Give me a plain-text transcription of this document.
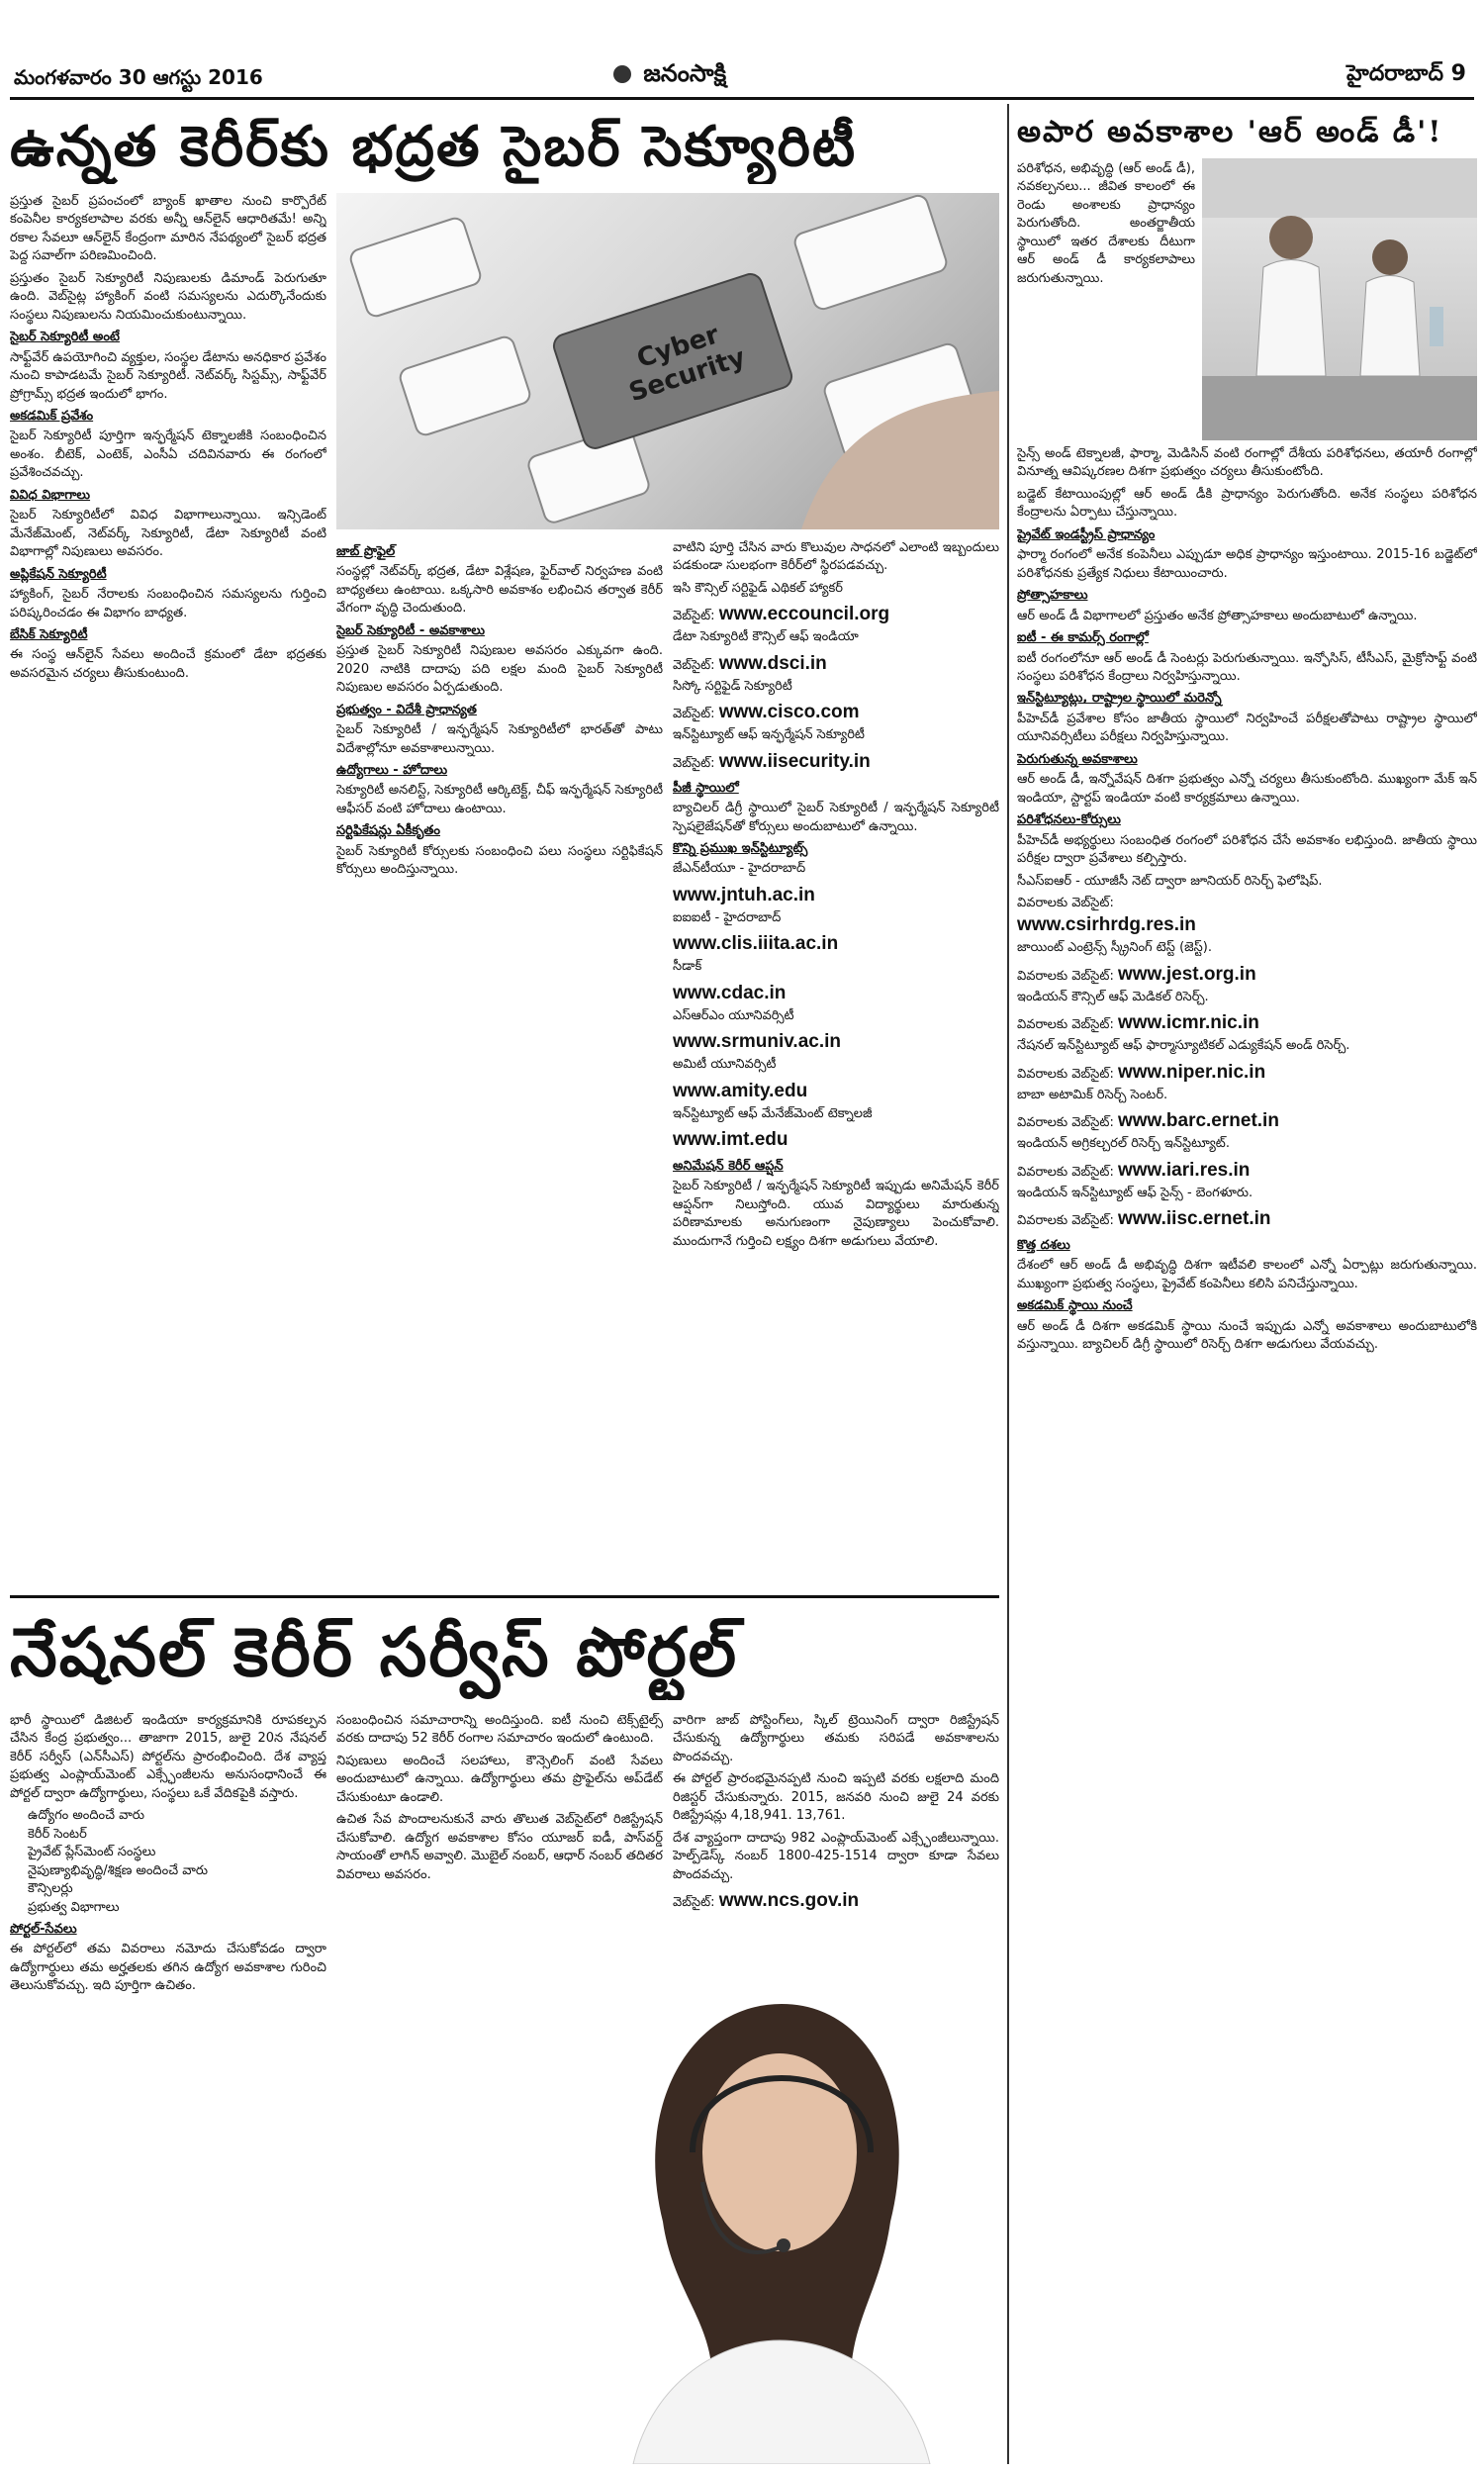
మంగళవారం 30 ఆగస్టు 2016	జనంసాక్షి	హైదరాబాద్ 9
ఉన్నత కెరీర్‌కు భద్రత సైబర్ సెక్యూరిటీ

ప్రస్తుత సైబర్ ప్రపంచంలో బ్యాంక్ ఖాతాల నుంచి కార్పొరేట్ కంపెనీల కార్యకలాపాల వరకు అన్నీ ఆన్‌లైన్ ఆధారితమే! అన్ని రకాల సేవలూ ఆన్‌లైన్ కేంద్రంగా మారిన నేపథ్యంలో సైబర్ భద్రత పెద్ద సవాల్‌గా పరిణమించింది.

ప్రస్తుతం సైబర్ సెక్యూరిటీ నిపుణులకు డిమాండ్ పెరుగుతూ ఉంది. వెబ్‌సైట్ల హ్యాకింగ్ వంటి సమస్యలను ఎదుర్కొనేందుకు సంస్థలు నిపుణులను నియమించుకుంటున్నాయి.

సైబర్ సెక్యూరిటీ అంటే

సాఫ్ట్‌వేర్ ఉపయోగించి వ్యక్తుల, సంస్థల డేటాను అనధికార ప్రవేశం నుంచి కాపాడటమే సైబర్ సెక్యూరిటీ. నెట్‌వర్క్ సిస్టమ్స్, సాఫ్ట్‌వేర్ ప్రోగ్రామ్స్ భద్రత ఇందులో భాగం.

అకడమిక్ ప్రవేశం

సైబర్ సెక్యూరిటీ పూర్తిగా ఇన్ఫర్మేషన్ టెక్నాలజీకి సంబంధించిన అంశం. బీటెక్, ఎంటెక్, ఎంసీఏ చదివినవారు ఈ రంగంలో ప్రవేశించవచ్చు.

వివిధ విభాగాలు

సైబర్ సెక్యూరిటీలో వివిధ విభాగాలున్నాయి. ఇన్సిడెంట్ మేనేజ్‌మెంట్, నెట్‌వర్క్ సెక్యూరిటీ, డేటా సెక్యూరిటీ వంటి విభాగాల్లో నిపుణులు అవసరం.

అప్లికేషన్ సెక్యూరిటీ

హ్యాకింగ్, సైబర్ నేరాలకు సంబంధించిన సమస్యలను గుర్తించి పరిష్కరించడం ఈ విభాగం బాధ్యత.

బేసిక్ సెక్యూరిటీ

ఈ సంస్థ ఆన్‌లైన్ సేవలు అందించే క్రమంలో డేటా భద్రతకు అవసరమైన చర్యలు తీసుకుంటుంది.

Cyber Security
జాబ్ ప్రొఫైల్

సంస్థల్లో నెట్‌వర్క్ భద్రత, డేటా విశ్లేషణ, ఫైర్‌వాల్ నిర్వహణ వంటి బాధ్యతలు ఉంటాయి. ఒక్కసారి అవకాశం లభించిన తర్వాత కెరీర్ వేగంగా వృద్ధి చెందుతుంది.

సైబర్ సెక్యూరిటీ - అవకాశాలు

ప్రస్తుత సైబర్ సెక్యూరిటీ నిపుణుల అవసరం ఎక్కువగా ఉంది. 2020 నాటికి దాదాపు పది లక్షల మంది సైబర్ సెక్యూరిటీ నిపుణుల అవసరం ఏర్పడుతుంది.

ప్రభుత్వం - విదేశీ ప్రాధాన్యత

సైబర్ సెక్యూరిటీ / ఇన్ఫర్మేషన్ సెక్యూరిటీలో భారత్‌తో పాటు విదేశాల్లోనూ అవకాశాలున్నాయి.

ఉద్యోగాలు - హోదాలు

సెక్యూరిటీ అనలిస్ట్, సెక్యూరిటీ ఆర్కిటెక్ట్, చీఫ్ ఇన్ఫర్మేషన్ సెక్యూరిటీ ఆఫీసర్ వంటి హోదాలు ఉంటాయి.

సర్టిఫికేషన్లు ఏకీకృతం

సైబర్ సెక్యూరిటీ కోర్సులకు సంబంధించి పలు సంస్థలు సర్టిఫికేషన్ కోర్సులు అందిస్తున్నాయి.

వాటిని పూర్తి చేసిన వారు కొలువుల సాధనలో ఎలాంటి ఇబ్బందులు పడకుండా సులభంగా కెరీర్‌లో స్థిరపడవచ్చు.

ఇసి కౌన్సిల్ సర్టిఫైడ్ ఎథికల్ హ్యాకర్

వెబ్‌సైట్: www.eccouncil.org

డేటా సెక్యూరిటీ కౌన్సిల్ ఆఫ్ ఇండియా

వెబ్‌సైట్: www.dsci.in

సిస్కో సర్టిఫైడ్ సెక్యూరిటీ

వెబ్‌సైట్: www.cisco.com

ఇన్‌స్టిట్యూట్ ఆఫ్ ఇన్ఫర్మేషన్ సెక్యూరిటీ

వెబ్‌సైట్: www.iisecurity.in
పీజీ స్థాయిలో

బ్యాచిలర్ డిగ్రీ స్థాయిలో సైబర్ సెక్యూరిటీ / ఇన్ఫర్మేషన్ సెక్యూరిటీ స్పెషలైజేషన్‌తో కోర్సులు అందుబాటులో ఉన్నాయి.

కొన్ని ప్రముఖ ఇన్‌స్టిట్యూట్స్

జేఎన్‌టీయూ - హైదరాబాద్

www.jntuh.ac.in

ఐఐఐటీ - హైదరాబాద్

www.clis.iiita.ac.in

సీడాక్

www.cdac.in

ఎస్‌ఆర్‌ఎం యూనివర్సిటీ

www.srmuniv.ac.in

అమిటీ యూనివర్సిటీ

www.amity.edu

ఇన్‌స్టిట్యూట్ ఆఫ్ మేనేజ్‌మెంట్ టెక్నాలజీ

www.imt.edu
అనిమేషన్ కెరీర్ ఆప్షన్

సైబర్ సెక్యూరిటీ / ఇన్ఫర్మేషన్ సెక్యూరిటీ ఇప్పుడు అనిమేషన్ కెరీర్ ఆప్షన్‌గా నిలుస్తోంది. యువ విద్యార్థులు మారుతున్న పరిణామాలకు అనుగుణంగా నైపుణ్యాలు పెంచుకోవాలి. ముందుగానే గుర్తించి లక్ష్యం దిశగా అడుగులు వేయాలి.

అపార అవకాశాల 'ఆర్ అండ్ డీ'!
పరిశోధన, అభివృద్ధి (ఆర్ అండ్ డీ), నవకల్పనలు... జీవిత కాలంలో ఈ రెండు అంశాలకు ప్రాధాన్యం పెరుగుతోంది. అంతర్జాతీయ స్థాయిలో ఇతర దేశాలకు దీటుగా ఆర్ అండ్ డీ కార్యకలాపాలు జరుగుతున్నాయి.

సైన్స్ అండ్ టెక్నాలజీ, ఫార్మా, మెడిసిన్ వంటి రంగాల్లో దేశీయ పరిశోధనలు, తయారీ రంగాల్లో వినూత్న ఆవిష్కరణల దిశగా ప్రభుత్వం చర్యలు తీసుకుంటోంది.

బడ్జెట్ కేటాయింపుల్లో ఆర్ అండ్ డీకి ప్రాధాన్యం పెరుగుతోంది. అనేక సంస్థలు పరిశోధన కేంద్రాలను ఏర్పాటు చేస్తున్నాయి.

ప్రైవేట్ ఇండస్ట్రీస్ ప్రాధాన్యం

ఫార్మా రంగంలో అనేక కంపెనీలు ఎప్పుడూ అధిక ప్రాధాన్యం ఇస్తుంటాయి. 2015-16 బడ్జెట్‌లో పరిశోధనకు ప్రత్యేక నిధులు కేటాయించారు.

ప్రోత్సాహకాలు

ఆర్ అండ్ డీ విభాగాలలో ప్రస్తుతం అనేక ప్రోత్సాహకాలు అందుబాటులో ఉన్నాయి.

ఐటీ - ఈ కామర్స్ రంగాల్లో

ఐటీ రంగంలోనూ ఆర్ అండ్ డీ సెంటర్లు పెరుగుతున్నాయి. ఇన్ఫోసిస్, టీసీఎస్, మైక్రోసాఫ్ట్ వంటి సంస్థలు పరిశోధన కేంద్రాలు నిర్వహిస్తున్నాయి.

ఇన్‌స్టిట్యూట్లు, రాష్ట్రాల స్థాయిలో మరెన్నో

పీహెచ్‌డీ ప్రవేశాల కోసం జాతీయ స్థాయిలో నిర్వహించే పరీక్షలతోపాటు రాష్ట్రాల స్థాయిలో యూనివర్సిటీలు పరీక్షలు నిర్వహిస్తున్నాయి.

పెరుగుతున్న అవకాశాలు

ఆర్ అండ్ డీ, ఇన్నోవేషన్ దిశగా ప్రభుత్వం ఎన్నో చర్యలు తీసుకుంటోంది. ముఖ్యంగా మేక్ ఇన్ ఇండియా, స్టార్టప్ ఇండియా వంటి కార్యక్రమాలు ఉన్నాయి.

పరిశోధనలు-కోర్సులు

పీహెచ్‌డీ అభ్యర్థులు సంబంధిత రంగంలో పరిశోధన చేసే అవకాశం లభిస్తుంది. జాతీయ స్థాయి పరీక్షల ద్వారా ప్రవేశాలు కల్పిస్తారు.

సీఎస్‌ఐఆర్ - యూజీసీ నెట్ ద్వారా జూనియర్ రిసెర్చ్ ఫెలోషిప్.

వివరాలకు వెబ్‌సైట్:
www.csirhrdg.res.in

జాయింట్ ఎంట్రెన్స్ స్క్రీనింగ్ టెస్ట్ (జెస్ట్).

వివరాలకు వెబ్‌సైట్: www.jest.org.in

ఇండియన్ కౌన్సిల్ ఆఫ్ మెడికల్ రిసెర్చ్.

వివరాలకు వెబ్‌సైట్: www.icmr.nic.in

నేషనల్ ఇన్‌స్టిట్యూట్ ఆఫ్ ఫార్మాస్యూటికల్ ఎడ్యుకేషన్ అండ్ రిసెర్చ్.

వివరాలకు వెబ్‌సైట్: www.niper.nic.in

బాబా అటామిక్ రిసెర్చ్ సెంటర్.

వివరాలకు వెబ్‌సైట్: www.barc.ernet.in

ఇండియన్ అగ్రికల్చరల్ రిసెర్చ్ ఇన్‌స్టిట్యూట్.

వివరాలకు వెబ్‌సైట్: www.iari.res.in

ఇండియన్ ఇన్‌స్టిట్యూట్ ఆఫ్ సైన్స్ - బెంగళూరు.

వివరాలకు వెబ్‌సైట్: www.iisc.ernet.in
కొత్త దశలు

దేశంలో ఆర్ అండ్ డీ అభివృద్ధి దిశగా ఇటీవలి కాలంలో ఎన్నో ఏర్పాట్లు జరుగుతున్నాయి. ముఖ్యంగా ప్రభుత్వ సంస్థలు, ప్రైవేట్ కంపెనీలు కలిసి పనిచేస్తున్నాయి.

అకడమిక్ స్థాయి నుంచే

ఆర్ అండ్ డీ దిశగా అకడమిక్ స్థాయి నుంచే ఇప్పుడు ఎన్నో అవకాశాలు అందుబాటులోకి వస్తున్నాయి. బ్యాచిలర్ డిగ్రీ స్థాయిలో రిసెర్చ్ దిశగా అడుగులు వేయవచ్చు.

నేషనల్ కెరీర్ సర్వీస్ పోర్టల్

భారీ స్థాయిలో డిజిటల్ ఇండియా కార్యక్రమానికి రూపకల్పన చేసిన కేంద్ర ప్రభుత్వం... తాజాగా 2015, జులై 20న నేషనల్ కెరీర్ సర్వీస్ (ఎన్‌సీఎస్) పోర్టల్‌ను ప్రారంభించింది. దేశ వ్యాప్త ప్రభుత్వ ఎంప్లాయ్‌మెంట్ ఎక్స్ఛేంజీలను అనుసంధానించే ఈ పోర్టల్ ద్వారా ఉద్యోగార్థులు, సంస్థలు ఒకే వేదికపైకి వస్తారు.

ఉద్యోగం అందించే వారు
కెరీర్ సెంటర్
ప్రైవేట్ ప్లేస్‌మెంట్ సంస్థలు
నైపుణ్యాభివృద్ధి/శిక్షణ అందించే వారు
కౌన్సిలర్లు
ప్రభుత్వ విభాగాలు
పోర్టల్-సేవలు

ఈ పోర్టల్‌లో తమ వివరాలు నమోదు చేసుకోవడం ద్వారా ఉద్యోగార్థులు తమ అర్హతలకు తగిన ఉద్యోగ అవకాశాల గురించి తెలుసుకోవచ్చు. ఇది పూర్తిగా ఉచితం.

సంబంధించిన సమాచారాన్ని అందిస్తుంది. ఐటీ నుంచి టెక్స్‌టైల్స్ వరకు దాదాపు 52 కెరీర్ రంగాల సమాచారం ఇందులో ఉంటుంది.

నిపుణులు అందించే సలహాలు, కౌన్సెలింగ్ వంటి సేవలు అందుబాటులో ఉన్నాయి. ఉద్యోగార్థులు తమ ప్రొఫైల్‌ను అప్‌డేట్ చేసుకుంటూ ఉండాలి.

ఉచిత సేవ పొందాలనుకునే వారు తొలుత వెబ్‌సైట్‌లో రిజిస్ట్రేషన్ చేసుకోవాలి. ఉద్యోగ అవకాశాల కోసం యూజర్ ఐడీ, పాస్‌వర్డ్ సాయంతో లాగిన్ అవ్వాలి. మొబైల్ నంబర్, ఆధార్ నంబర్ తదితర వివరాలు అవసరం.

వారిగా జాబ్ పోస్టింగ్‌లు, స్కిల్ ట్రెయినింగ్ ద్వారా రిజిస్ట్రేషన్ చేసుకున్న ఉద్యోగార్థులు తమకు సరిపడే అవకాశాలను పొందవచ్చు.

ఈ పోర్టల్ ప్రారంభమైనప్పటి నుంచి ఇప్పటి వరకు లక్షలాది మంది రిజిస్టర్ చేసుకున్నారు. 2015, జనవరి నుంచి జులై 24 వరకు రిజిస్ట్రేషన్లు 4,18,941. 13,761.

దేశ వ్యాప్తంగా దాదాపు 982 ఎంప్లాయ్‌మెంట్ ఎక్స్ఛేంజీలున్నాయి. హెల్ప్‌డెస్క్ నంబర్ 1800-425-1514 ద్వారా కూడా సేవలు పొందవచ్చు.

వెబ్‌సైట్: www.ncs.gov.in
